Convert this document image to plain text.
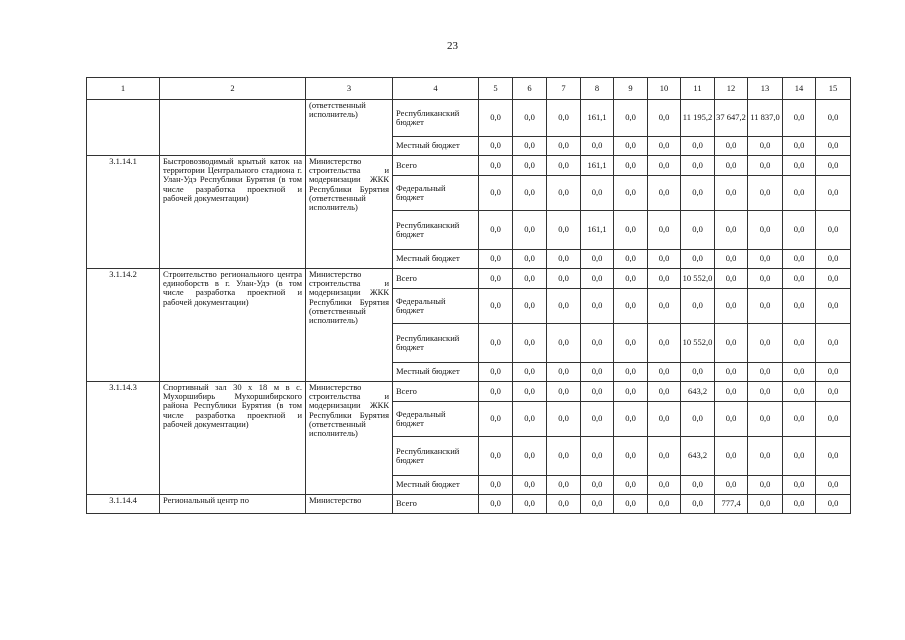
23
1	2	3	4	5	6	7	8	9	10	11	12	13	14	15
		(ответственный исполнитель)	Республиканский бюджет	0,0	0,0	0,0	161,1	0,0	0,0	11 195,2	37 647,2	11 837,0	0,0	0,0
			Местный бюджет	0,0	0,0	0,0	0,0	0,0	0,0	0,0	0,0	0,0	0,0	0,0
3.1.14.1	Быстровозводимый крытый каток на территории Центрального стадиона г. Улан-Удэ Республики Бурятия (в том числе разработка проектной и рабочей документации)	Министерство строительства и модернизации ЖКК Республики Бурятия (ответственный исполнитель)	Всего	0,0	0,0	0,0	161,1	0,0	0,0	0,0	0,0	0,0	0,0	0,0
			Федеральный бюджет	0,0	0,0	0,0	0,0	0,0	0,0	0,0	0,0	0,0	0,0	0,0
			Республиканский бюджет	0,0	0,0	0,0	161,1	0,0	0,0	0,0	0,0	0,0	0,0	0,0
			Местный бюджет	0,0	0,0	0,0	0,0	0,0	0,0	0,0	0,0	0,0	0,0	0,0
3.1.14.2	Строительство регионального центра единоборств в г. Улан-Удэ (в том числе разработка проектной и рабочей документации)	Министерство строительства и модернизации ЖКК Республики Бурятия (ответственный исполнитель)	Всего	0,0	0,0	0,0	0,0	0,0	0,0	10 552,0	0,0	0,0	0,0	0,0
			Федеральный бюджет	0,0	0,0	0,0	0,0	0,0	0,0	0,0	0,0	0,0	0,0	0,0
			Республиканский бюджет	0,0	0,0	0,0	0,0	0,0	0,0	10 552,0	0,0	0,0	0,0	0,0
			Местный бюджет	0,0	0,0	0,0	0,0	0,0	0,0	0,0	0,0	0,0	0,0	0,0
3.1.14.3	Спортивный зал 30 х 18 м в с. Мухоршибирь Мухоршибирского района Республики Бурятия (в том числе разработка проектной и рабочей документации)	Министерство строительства и модернизации ЖКК Республики Бурятия (ответственный исполнитель)	Всего	0,0	0,0	0,0	0,0	0,0	0,0	643,2	0,0	0,0	0,0	0,0
			Федеральный бюджет	0,0	0,0	0,0	0,0	0,0	0,0	0,0	0,0	0,0	0,0	0,0
			Республиканский бюджет	0,0	0,0	0,0	0,0	0,0	0,0	643,2	0,0	0,0	0,0	0,0
			Местный бюджет	0,0	0,0	0,0	0,0	0,0	0,0	0,0	0,0	0,0	0,0	0,0
3.1.14.4	Региональный центр по	Министерство	Всего	0,0	0,0	0,0	0,0	0,0	0,0	0,0	777,4	0,0	0,0	0,0
